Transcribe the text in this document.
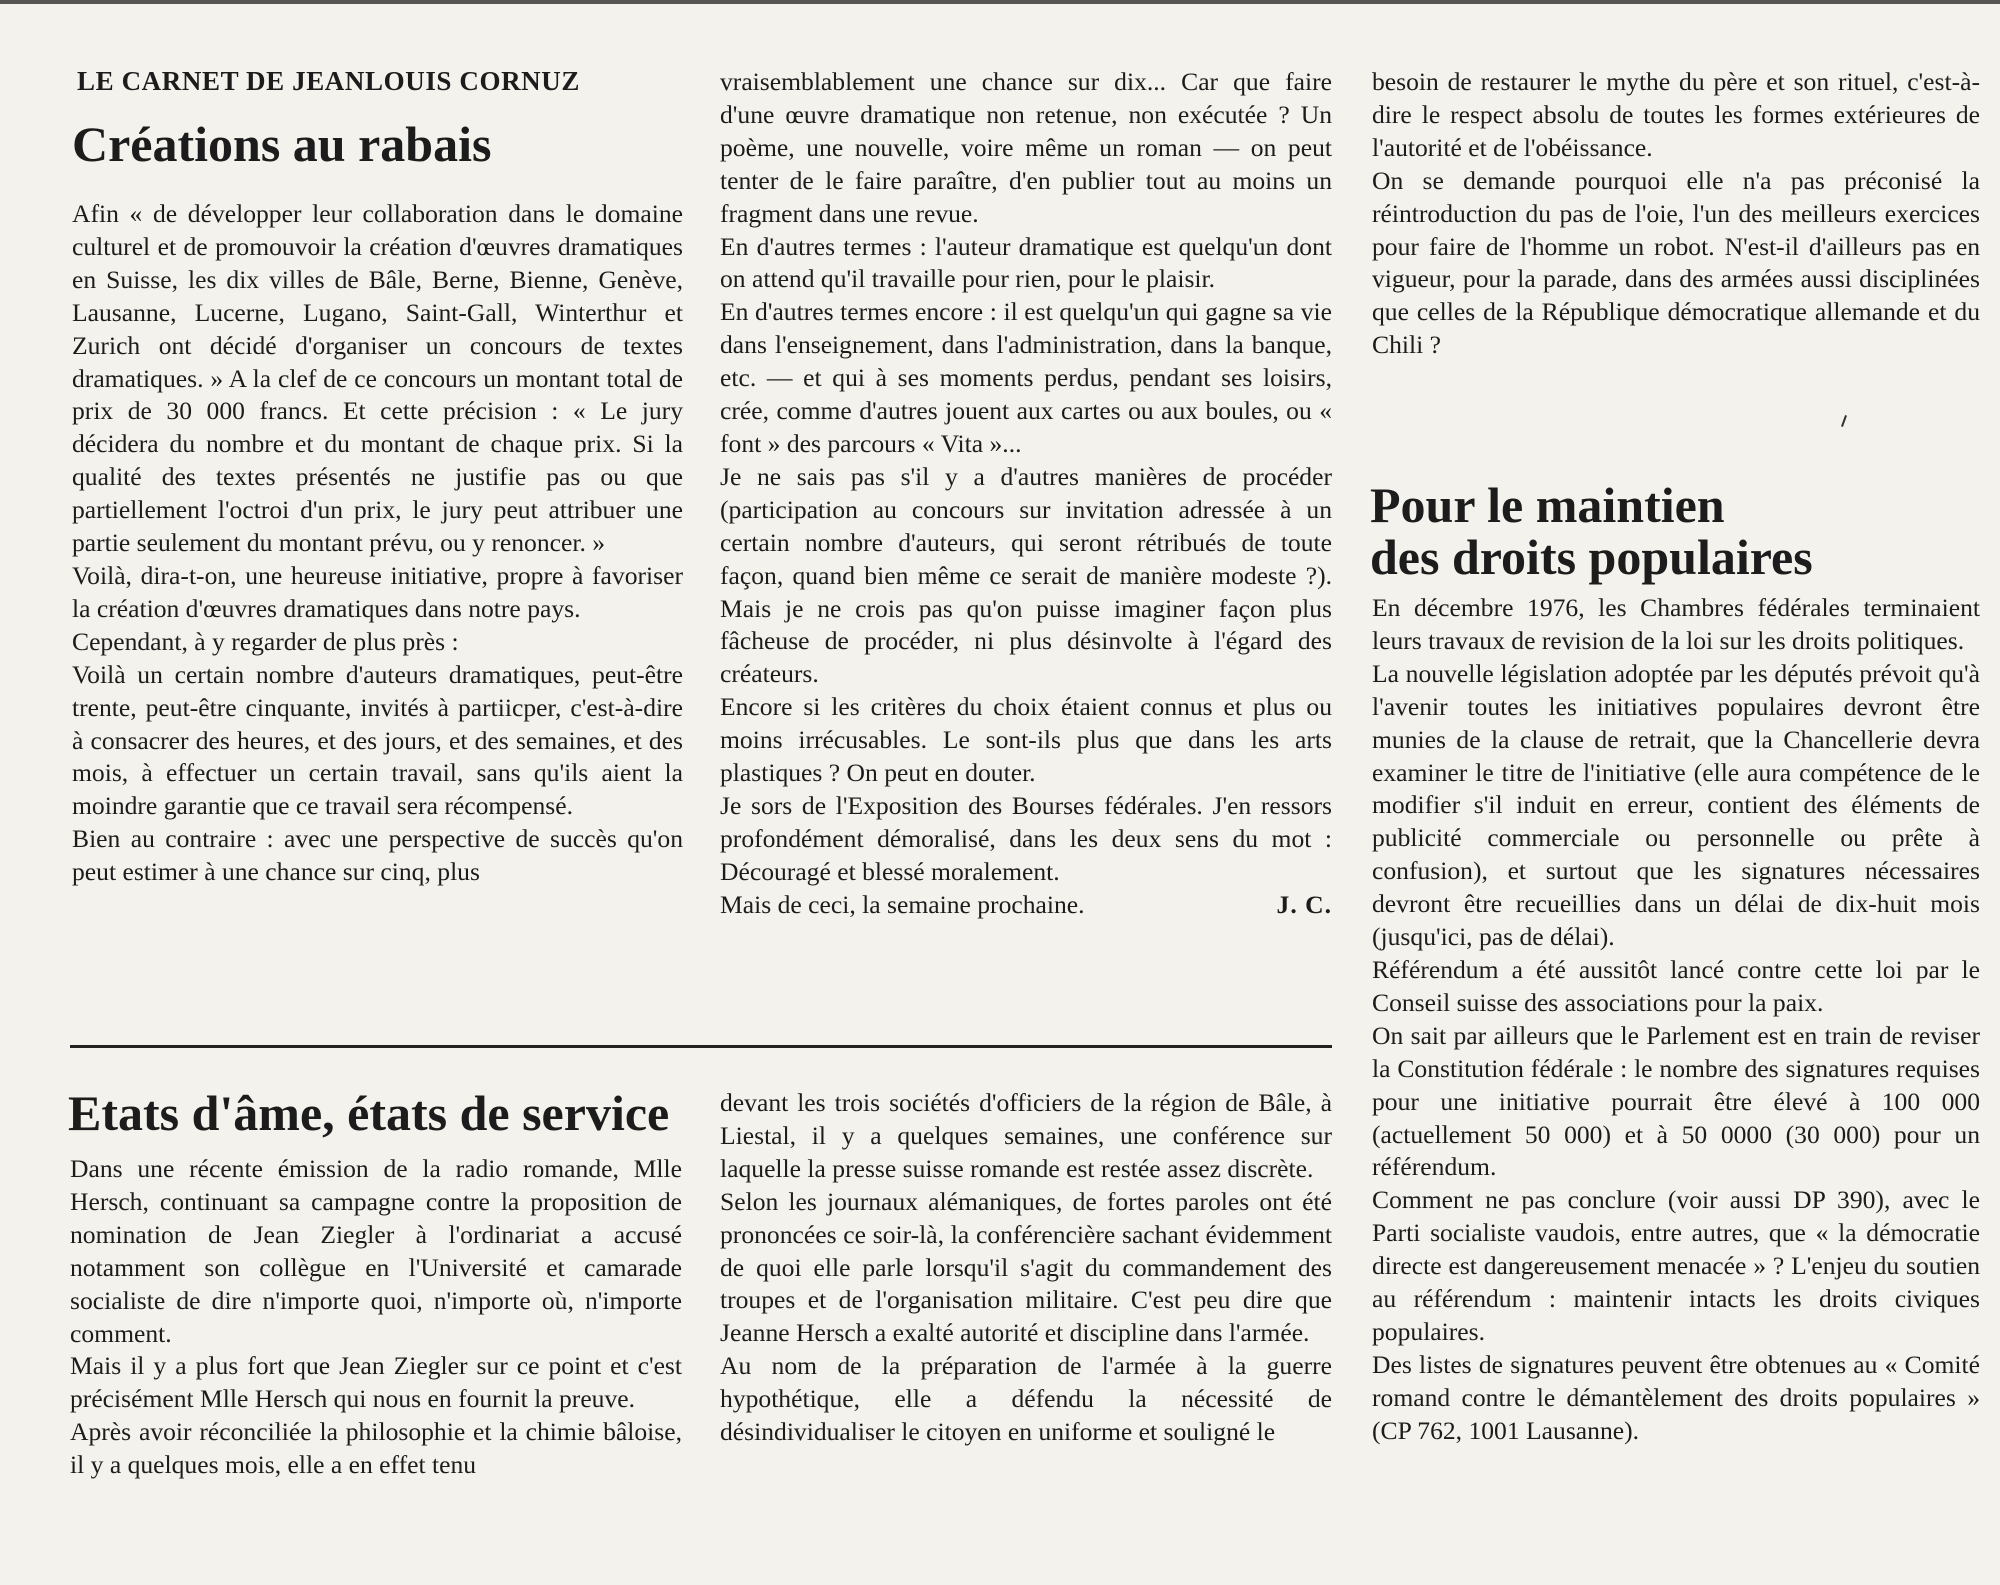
LE CARNET DE JEANLOUIS CORNUZ
Créations au rabais

Afin « de développer leur collaboration dans le domaine culturel et de promouvoir la création d'œuvres dramatiques en Suisse, les dix villes de Bâle, Berne, Bienne, Genève, Lausanne, Lucerne, Lugano, Saint-Gall, Winterthur et Zurich ont décidé d'organiser un concours de textes dramatiques. » A la clef de ce concours un montant total de prix de 30 000 francs. Et cette précision : « Le jury décidera du nombre et du montant de chaque prix. Si la qualité des textes présentés ne justifie pas ou que partiellement l'octroi d'un prix, le jury peut attribuer une partie seulement du montant prévu, ou y renoncer. »

Voilà, dira-t-on, une heureuse initiative, propre à favoriser la création d'œuvres dramatiques dans notre pays.

Cependant, à y regarder de plus près :

Voilà un certain nombre d'auteurs dramatiques, peut-être trente, peut-être cinquante, invités à partiicper, c'est-à-dire à consacrer des heures, et des jours, et des semaines, et des mois, à effectuer un certain travail, sans qu'ils aient la moindre garantie que ce travail sera récompensé.

Bien au contraire : avec une perspective de succès qu'on peut estimer à une chance sur cinq, plus

vraisemblablement une chance sur dix... Car que faire d'une œuvre dramatique non retenue, non exécutée ? Un poème, une nouvelle, voire même un roman — on peut tenter de le faire paraître, d'en publier tout au moins un fragment dans une revue.

En d'autres termes : l'auteur dramatique est quelqu'un dont on attend qu'il travaille pour rien, pour le plaisir.

En d'autres termes encore : il est quelqu'un qui gagne sa vie dans l'enseignement, dans l'administration, dans la banque, etc. — et qui à ses moments perdus, pendant ses loisirs, crée, comme d'autres jouent aux cartes ou aux boules, ou « font » des parcours « Vita »...

Je ne sais pas s'il y a d'autres manières de procéder (participation au concours sur invitation adressée à un certain nombre d'auteurs, qui seront rétribués de toute façon, quand bien même ce serait de manière modeste ?). Mais je ne crois pas qu'on puisse imaginer façon plus fâcheuse de procéder, ni plus désinvolte à l'égard des créateurs.

Encore si les critères du choix étaient connus et plus ou moins irrécusables. Le sont-ils plus que dans les arts plastiques ? On peut en douter.

Je sors de l'Exposition des Bourses fédérales. J'en ressors profondément démoralisé, dans les deux sens du mot : Découragé et blessé moralement.

Mais de ceci, la semaine prochaine.	J. C.

besoin de restaurer le mythe du père et son rituel, c'est-à-dire le respect absolu de toutes les formes extérieures de l'autorité et de l'obéissance.

On se demande pourquoi elle n'a pas préconisé la réintroduction du pas de l'oie, l'un des meilleurs exercices pour faire de l'homme un robot. N'est-il d'ailleurs pas en vigueur, pour la parade, dans des armées aussi disciplinées que celles de la République démocratique allemande et du Chili ?

Etats d'âme, états de service

Dans une récente émission de la radio romande, Mlle Hersch, continuant sa campagne contre la proposition de nomination de Jean Ziegler à l'ordinariat a accusé notamment son collègue en l'Université et camarade socialiste de dire n'importe quoi, n'importe où, n'importe comment.

Mais il y a plus fort que Jean Ziegler sur ce point et c'est précisément Mlle Hersch qui nous en fournit la preuve.

Après avoir réconciliée la philosophie et la chimie bâloise, il y a quelques mois, elle a en effet tenu

devant les trois sociétés d'officiers de la région de Bâle, à Liestal, il y a quelques semaines, une conférence sur laquelle la presse suisse romande est restée assez discrète.

Selon les journaux alémaniques, de fortes paroles ont été prononcées ce soir-là, la conférencière sachant évidemment de quoi elle parle lorsqu'il s'agit du commandement des troupes et de l'organisation militaire. C'est peu dire que Jeanne Hersch a exalté autorité et discipline dans l'armée.

Au nom de la préparation de l'armée à la guerre hypothétique, elle a défendu la nécessité de désindividualiser le citoyen en uniforme et souligné le

Pour le maintien
des droits populaires

En décembre 1976, les Chambres fédérales terminaient leurs travaux de revision de la loi sur les droits politiques.

La nouvelle législation adoptée par les députés prévoit qu'à l'avenir toutes les initiatives populaires devront être munies de la clause de retrait, que la Chancellerie devra examiner le titre de l'initiative (elle aura compétence de le modifier s'il induit en erreur, contient des éléments de publicité commerciale ou personnelle ou prête à confusion), et surtout que les signatures nécessaires devront être recueillies dans un délai de dix-huit mois (jusqu'ici, pas de délai).

Référendum a été aussitôt lancé contre cette loi par le Conseil suisse des associations pour la paix.

On sait par ailleurs que le Parlement est en train de reviser la Constitution fédérale : le nombre des signatures requises pour une initiative pourrait être élevé à 100 000 (actuellement 50 000) et à 50 0000 (30 000) pour un référendum.

Comment ne pas conclure (voir aussi DP 390), avec le Parti socialiste vaudois, entre autres, que « la démocratie directe est dangereusement menacée » ? L'enjeu du soutien au référendum : maintenir intacts les droits civiques populaires.

Des listes de signatures peuvent être obtenues au « Comité romand contre le démantèlement des droits populaires » (CP 762, 1001 Lausanne).
